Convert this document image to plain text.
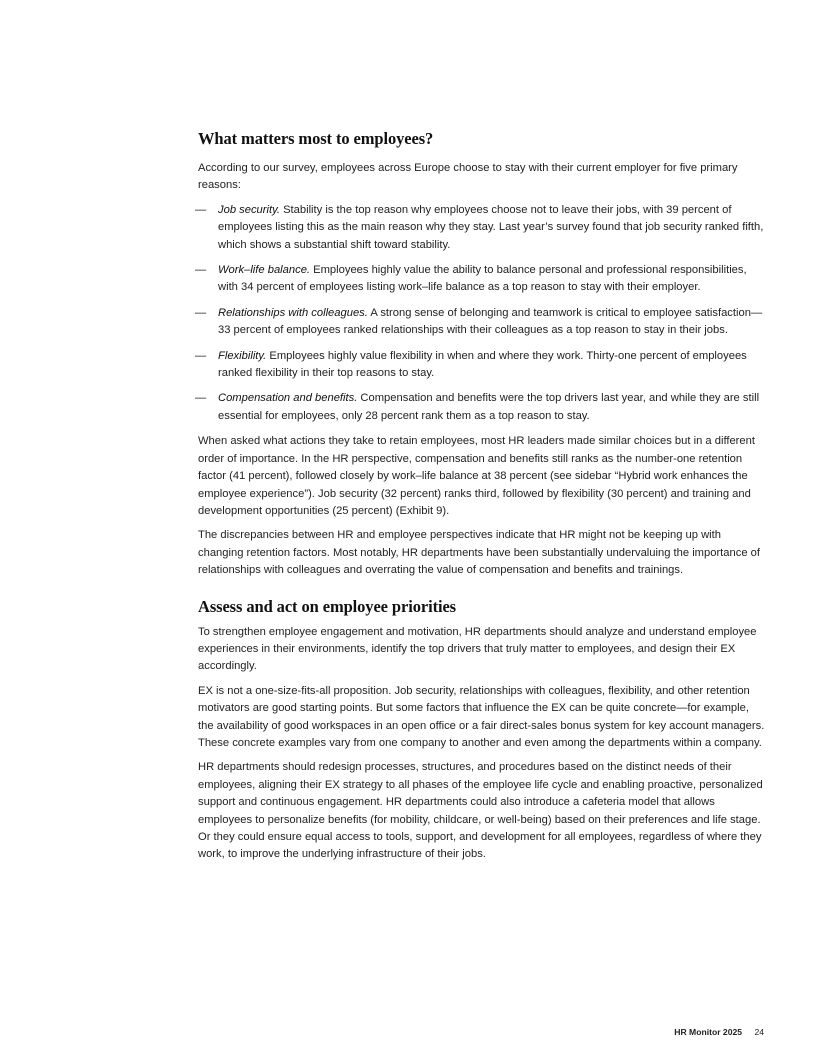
What matters most to employees?

According to our survey, employees across Europe choose to stay with their current employer for five primary reasons:

— Job security. Stability is the top reason why employees choose not to leave their jobs, with 39 percent of employees listing this as the main reason why they stay. Last year’s survey found that job security ranked fifth, which shows a substantial shift toward stability.
— Work–life balance. Employees highly value the ability to balance personal and professional responsibilities, with 34 percent of employees listing work–life balance as a top reason to stay with their employer.
— Relationships with colleagues. A strong sense of belonging and teamwork is critical to employee satisfaction—33 percent of employees ranked relationships with their colleagues as a top reason to stay in their jobs.
— Flexibility. Employees highly value flexibility in when and where they work. Thirty-one percent of employees ranked flexibility in their top reasons to stay.
— Compensation and benefits. Compensation and benefits were the top drivers last year, and while they are still essential for employees, only 28 percent rank them as a top reason to stay.

When asked what actions they take to retain employees, most HR leaders made similar choices but in a different order of importance. In the HR perspective, compensation and benefits still ranks as the number-one retention factor (41 percent), followed closely by work–life balance at 38 percent (see sidebar “Hybrid work enhances the employee experience”). Job security (32 percent) ranks third, followed by flexibility (30 percent) and training and development opportunities (25 percent) (Exhibit 9).

The discrepancies between HR and employee perspectives indicate that HR might not be keeping up with changing retention factors. Most notably, HR departments have been substantially undervaluing the importance of relationships with colleagues and overrating the value of compensation and benefits and trainings.

Assess and act on employee priorities

To strengthen employee engagement and motivation, HR departments should analyze and understand employee experiences in their environments, identify the top drivers that truly matter to employees, and design their EX accordingly.

EX is not a one-size-fits-all proposition. Job security, relationships with colleagues, flexibility, and other retention motivators are good starting points. But some factors that influence the EX can be quite concrete—for example, the availability of good workspaces in an open office or a fair direct-sales bonus system for key account managers. These concrete examples vary from one company to another and even among the departments within a company.

HR departments should redesign processes, structures, and procedures based on the distinct needs of their employees, aligning their EX strategy to all phases of the employee life cycle and enabling proactive, personalized support and continuous engagement. HR departments could also introduce a cafeteria model that allows employees to personalize benefits (for mobility, childcare, or well-being) based on their preferences and life stage. Or they could ensure equal access to tools, support, and development for all employees, regardless of where they work, to improve the underlying infrastructure of their jobs.

HR Monitor 2025 24
